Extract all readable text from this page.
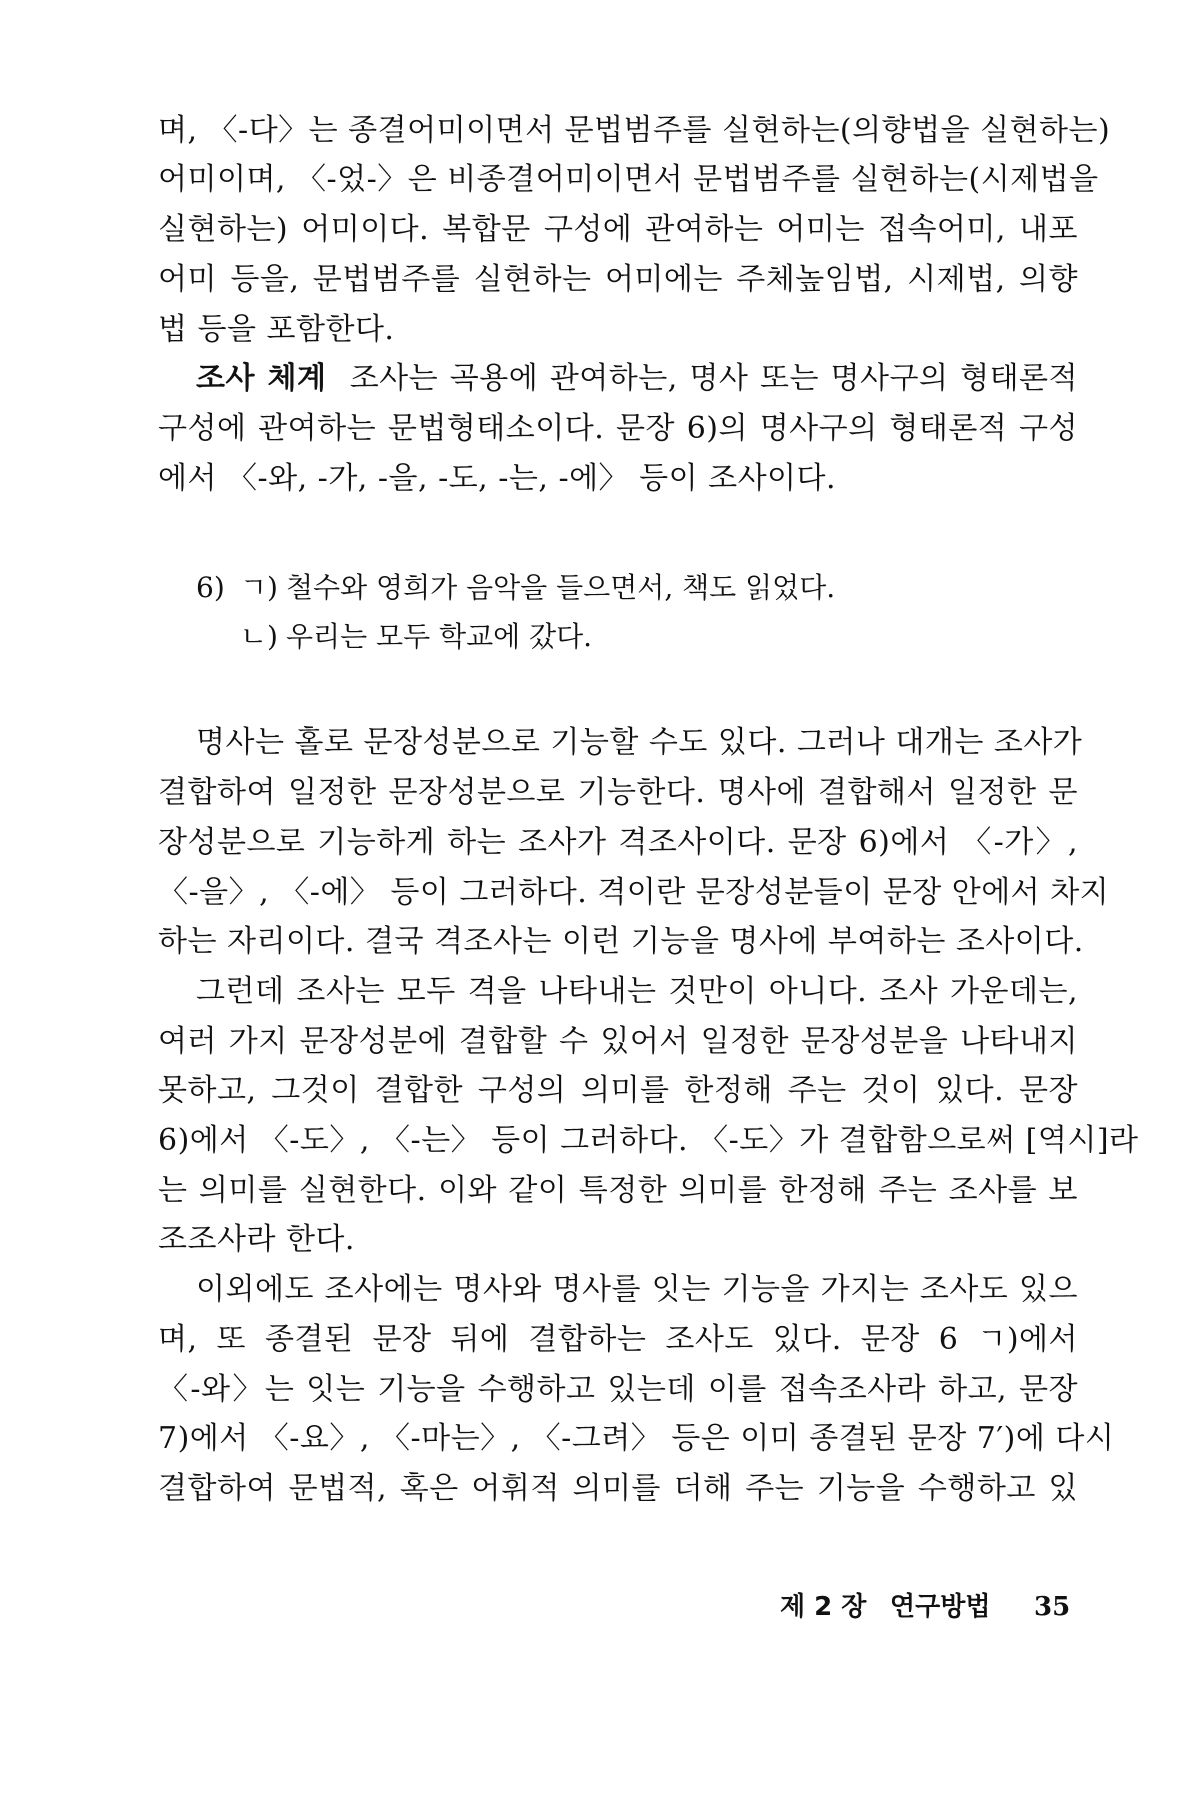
며, 〈-다〉는 종결어미이면서 문법범주를 실현하는(의향법을 실현하는)
어미이며, 〈-었-〉은 비종결어미이면서 문법범주를 실현하는(시제법을
실현하는) 어미이다. 복합문 구성에 관여하는 어미는 접속어미, 내포
어미 등을, 문법범주를 실현하는 어미에는 주체높임법, 시제법, 의향
법 등을 포함한다.
조사 체계 조사는 곡용에 관여하는, 명사 또는 명사구의 형태론적
구성에 관여하는 문법형태소이다. 문장 6)의 명사구의 형태론적 구성
에서 〈-와, -가, -을, -도, -는, -에〉 등이 조사이다.
6) ㄱ) 철수와 영희가 음악을 들으면서, 책도 읽었다.
ㄴ) 우리는 모두 학교에 갔다.
명사는 홀로 문장성분으로 기능할 수도 있다. 그러나 대개는 조사가
결합하여 일정한 문장성분으로 기능한다. 명사에 결합해서 일정한 문
장성분으로 기능하게 하는 조사가 격조사이다. 문장 6)에서 〈-가〉,
〈-을〉, 〈-에〉 등이 그러하다. 격이란 문장성분들이 문장 안에서 차지
하는 자리이다. 결국 격조사는 이런 기능을 명사에 부여하는 조사이다.
그런데 조사는 모두 격을 나타내는 것만이 아니다. 조사 가운데는,
여러 가지 문장성분에 결합할 수 있어서 일정한 문장성분을 나타내지
못하고, 그것이 결합한 구성의 의미를 한정해 주는 것이 있다. 문장
6)에서 〈-도〉, 〈-는〉 등이 그러하다. 〈-도〉가 결합함으로써 [역시]라
는 의미를 실현한다. 이와 같이 특정한 의미를 한정해 주는 조사를 보
조조사라 한다.
이외에도 조사에는 명사와 명사를 잇는 기능을 가지는 조사도 있으
며, 또 종결된 문장 뒤에 결합하는 조사도 있다. 문장 6 ㄱ)에서
〈-와〉는 잇는 기능을 수행하고 있는데 이를 접속조사라 하고, 문장
7)에서 〈-요〉, 〈-마는〉, 〈-그려〉 등은 이미 종결된 문장 7′)에 다시
결합하여 문법적, 혹은 어휘적 의미를 더해 주는 기능을 수행하고 있
제 2 장 연구방법 35
